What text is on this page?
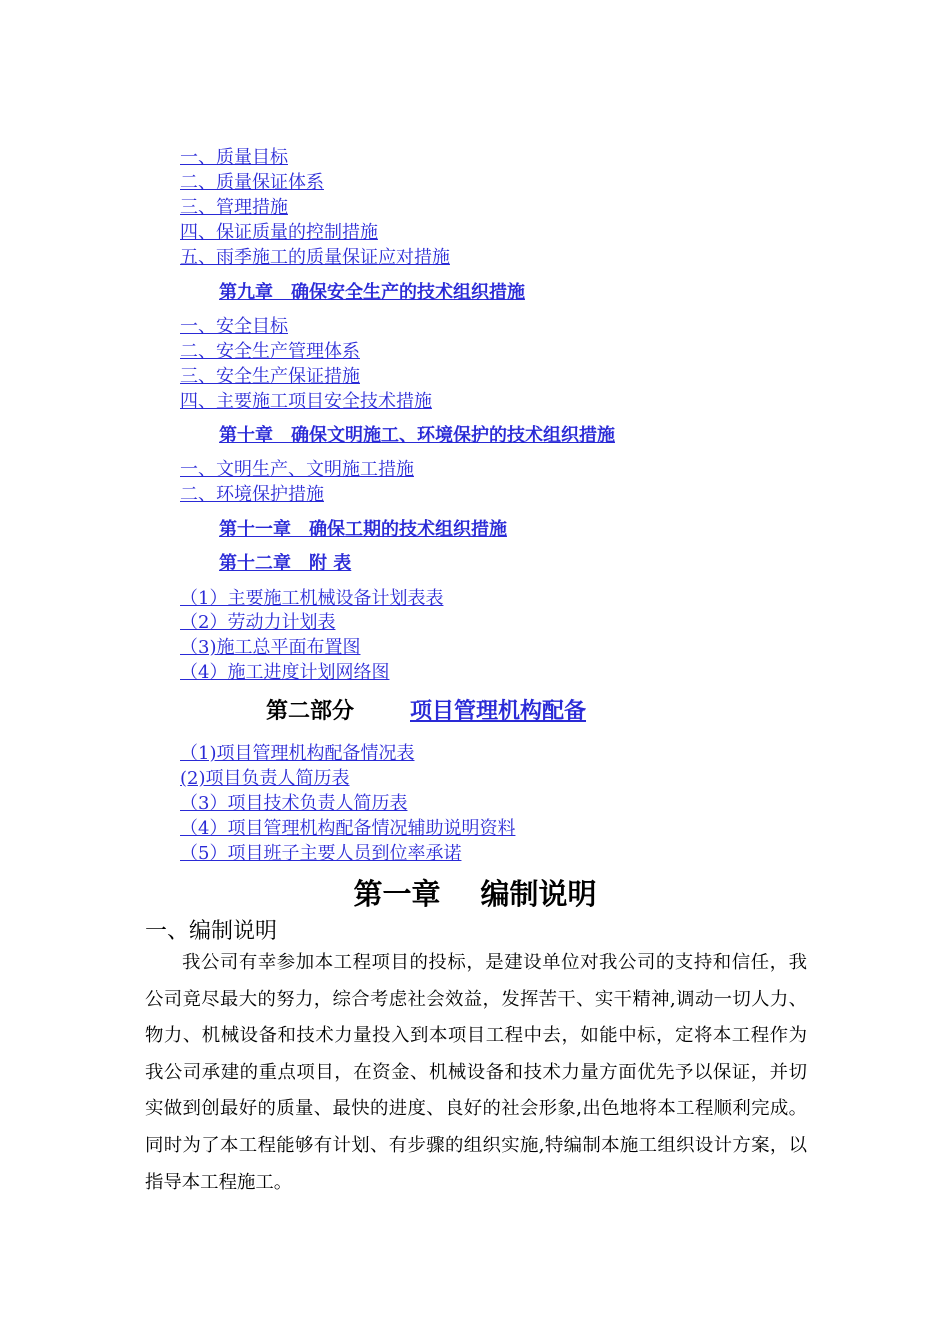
一、质量目标
二、质量保证体系
三、管理措施
四、保证质量的控制措施
五、雨季施工的质量保证应对措施
第九章　确保安全生产的技术组织措施
一、安全目标
二、安全生产管理体系
三、安全生产保证措施
四、主要施工项目安全技术措施
第十章　确保文明施工、环境保护的技术组织措施
一、文明生产、文明施工措施
二、环境保护措施
第十一章　确保工期的技术组织措施
第十二章　附 表
（1）主要施工机械设备计划表表
（2）劳动力计划表
（3)施工总平面布置图
（4）施工进度计划网络图
第二部分	项目管理机构配备
（1)项目管理机构配备情况表
(2)项目负责人简历表
（3）项目技术负责人简历表
（4）项目管理机构配备情况辅助说明资料
（5）项目班子主要人员到位率承诺
第一章 编制说明
一、编制说明

我公司有幸参加本工程项目的投标，是建设单位对我公司的支持和信任，我公司竟尽最大的努力，综合考虑社会效益，发挥苦干、实干精神,调动一切人力、物力、机械设备和技术力量投入到本项目工程中去，如能中标，定将本工程作为我公司承建的重点项目，在资金、机械设备和技术力量方面优先予以保证，并切实做到创最好的质量、最快的进度、良好的社会形象,出色地将本工程顺利完成。同时为了本工程能够有计划、有步骤的组织实施,特编制本施工组织设计方案，以指导本工程施工。
